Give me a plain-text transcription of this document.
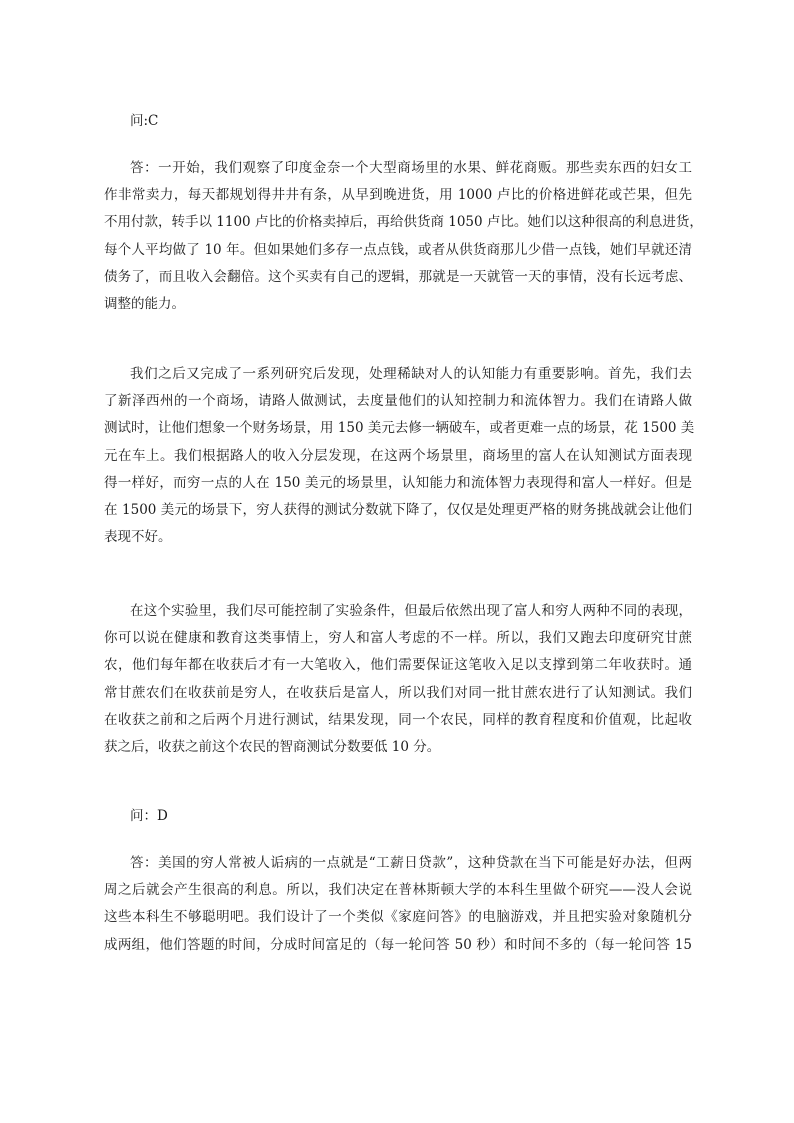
问:C

答：一开始，我们观察了印度金奈一个大型商场里的水果、鲜花商贩。那些卖东西的妇女工
作非常卖力，每天都规划得井井有条，从早到晚进货，用 1000 卢比的价格进鲜花或芒果，但先
不用付款，转手以 1100 卢比的价格卖掉后，再给供货商 1050 卢比。她们以这种很高的利息进货，
每个人平均做了 10 年。但如果她们多存一点点钱，或者从供货商那儿少借一点钱，她们早就还清
债务了，而且收入会翻倍。这个买卖有自己的逻辑，那就是一天就管一天的事情，没有长远考虑、
调整的能力。
我们之后又完成了一系列研究后发现，处理稀缺对人的认知能力有重要影响。首先，我们去
了新泽西州的一个商场，请路人做测试，去度量他们的认知控制力和流体智力。我们在请路人做
测试时，让他们想象一个财务场景，用 150 美元去修一辆破车，或者更难一点的场景，花 1500 美
元在车上。我们根据路人的收入分层发现，在这两个场景里，商场里的富人在认知测试方面表现
得一样好，而穷一点的人在 150 美元的场景里，认知能力和流体智力表现得和富人一样好。但是
在 1500 美元的场景下，穷人获得的测试分数就下降了，仅仅是处理更严格的财务挑战就会让他们
表现不好。
在这个实验里，我们尽可能控制了实验条件，但最后依然出现了富人和穷人两种不同的表现，
你可以说在健康和教育这类事情上，穷人和富人考虑的不一样。所以，我们又跑去印度研究甘蔗
农，他们每年都在收获后才有一大笔收入，他们需要保证这笔收入足以支撑到第二年收获时。通
常甘蔗农们在收获前是穷人，在收获后是富人，所以我们对同一批甘蔗农进行了认知测试。我们
在收获之前和之后两个月进行测试，结果发现，同一个农民，同样的教育程度和价值观，比起收
获之后，收获之前这个农民的智商测试分数要低 10 分。

问：D

答：美国的穷人常被人诟病的一点就是“工薪日贷款”，这种贷款在当下可能是好办法，但两
周之后就会产生很高的利息。所以，我们决定在普林斯顿大学的本科生里做个研究——没人会说
这些本科生不够聪明吧。我们设计了一个类似《家庭问答》的电脑游戏，并且把实验对象随机分
成两组，他们答题的时间，分成时间富足的（每一轮问答 50 秒）和时间不多的（每一轮问答 15
